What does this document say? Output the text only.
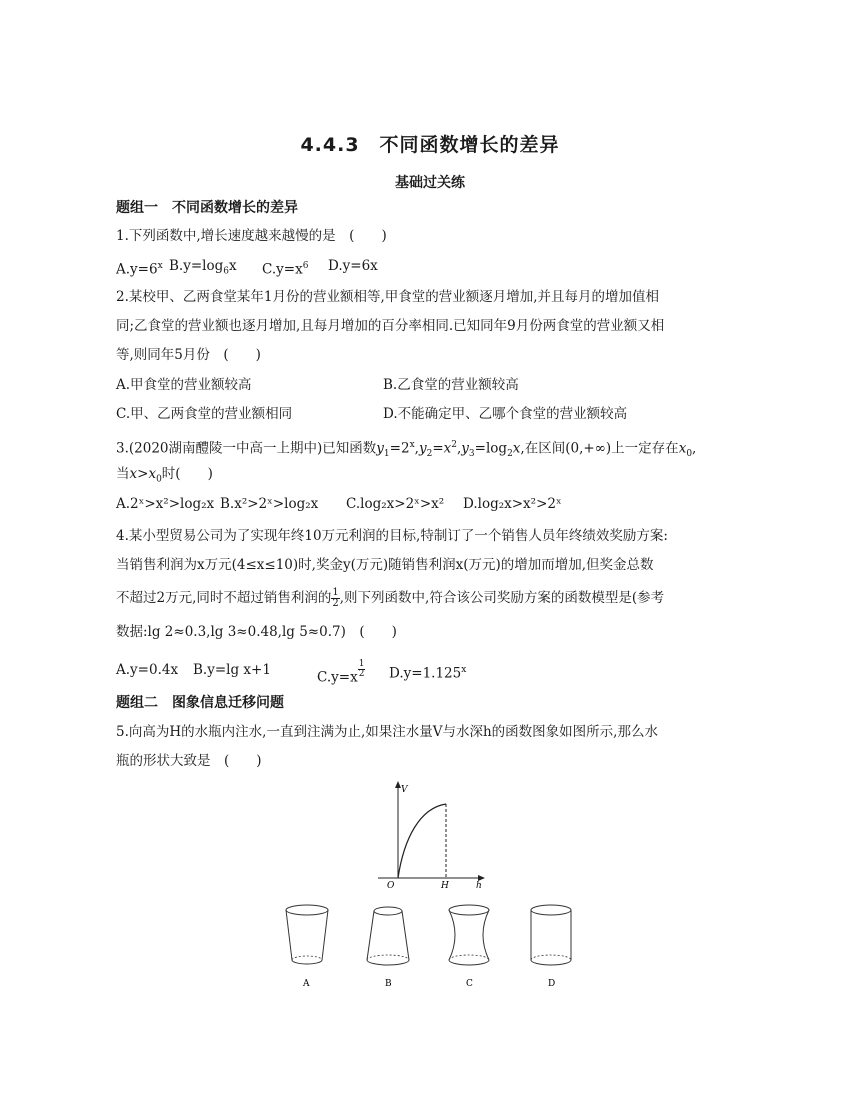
4.4.3　不同函数增长的差异
基础过关练
题组一　不同函数增长的差异
1.下列函数中,增长速度越来越慢的是　(　　)
$A.y=6^x$ $B.y=\log_6x$ $C.y=x^6$ D.y=6x
2.某校甲、乙两食堂某年1月份的营业额相等,甲食堂的营业额逐月增加,并且每月的增加值相
同;乙食堂的营业额也逐月增加,且每月增加的百分率相同.已知同年9月份两食堂的营业额又相
等,则同年5月份　(　　)
A.甲食堂的营业额较高	B.乙食堂的营业额较高
C.甲、乙两食堂的营业额相同	D.不能确定甲、乙哪个食堂的营业额较高
3.(2020湖南醴陵一中高一上期中)已知函数$y_1=2^x,y_2=x^2,y_3=\log_2x$,在区间(0,+∞)上一定存在$x_0$,
当$x>x_0$时(　　)
A.2ˣ>x²>log₂x B.x²>2ˣ>log₂x C.log₂x>2ˣ>x² D.log₂x>x²>2ˣ
4.某小型贸易公司为了实现年终10万元利润的目标,特制订了一个销售人员年终绩效奖励方案:
当销售利润为x万元(4≤x≤10)时,奖金y(万元)随销售利润x(万元)的增加而增加,但奖金总数
不超过2万元,同时不超过销售利润的 $\frac{1}{2}$ ,则下列函数中,符合该公司奖励方案的函数模型是(参考
数据:lg 2≈0.3,lg 3≈0.48,lg 5≈0.7)　(　　)
A.y=0.4x B.y=lg x+1	$C.y=x \frac{1}{2} D.y=1.125^x$
题组二　图象信息迁移问题
5.向高为H的水瓶内注水,一直到注满为止,如果注水量V与水深h的函数图象如图所示,那么水
瓶的形状大致是　(　　)
V
O	H	h
A	B	C	D
